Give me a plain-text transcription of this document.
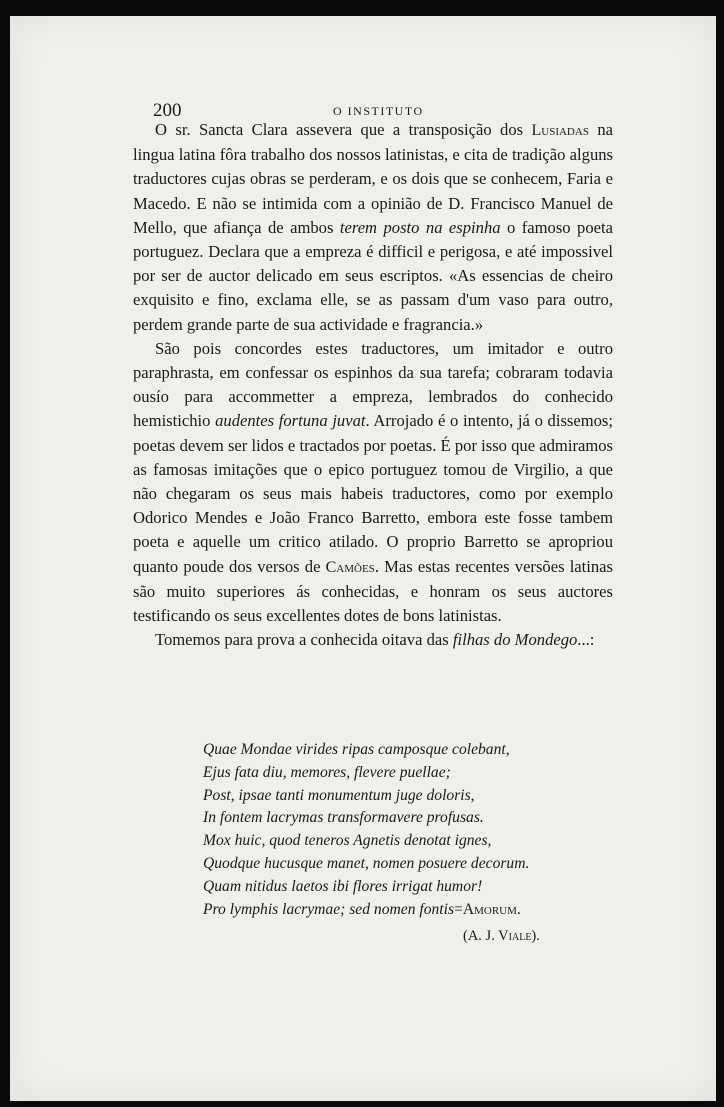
200	O INSTITUTO

O sr. Sancta Clara assevera que a transposição dos Lusiadas na lingua latina fôra trabalho dos nossos latinistas, e cita de tradição alguns traductores cujas obras se perderam, e os dois que se conhecem, Faria e Macedo. E não se intimida com a opinião de D. Francisco Manuel de Mello, que afiança de ambos terem posto na espinha o famoso poeta portuguez. Declara que a empreza é difficil e perigosa, e até impossivel por ser de auctor delicado em seus escriptos. «As essencias de cheiro exquisito e fino, exclama elle, se as passam d'um vaso para outro, perdem grande parte de sua actividade e fragrancia.»

São pois concordes estes traductores, um imitador e outro paraphrasta, em confessar os espinhos da sua tarefa; cobraram todavia ousío para accommetter a empreza, lembrados do conhecido hemistichio audentes fortuna juvat. Arrojado é o intento, já o dissemos; poetas devem ser lidos e tractados por poetas. É por isso que admiramos as famosas imitações que o epico portuguez tomou de Virgilio, a que não chegaram os seus mais habeis traductores, como por exemplo Odorico Mendes e João Franco Barretto, embora este fosse tambem poeta e aquelle um critico atilado. O proprio Barretto se apropriou quanto poude dos versos de Camões. Mas estas recentes versões latinas são muito superiores ás conhecidas, e honram os seus auctores testificando os seus excellentes dotes de bons latinistas.

Tomemos para prova a conhecida oitava das filhas do Mondego...:

Quae Mondae virides ripas camposque colebant,
Ejus fata diu, memores, flevere puellae;
Post, ipsae tanti monumentum juge doloris,
In fontem lacrymas transformavere profusas.
Mox huic, quod teneros Agnetis denotat ignes,
Quodque hucusque manet, nomen posuere decorum.
Quam nitidus laetos ibi flores irrigat humor!
Pro lymphis lacrymae; sed nomen fontis=Amorum.
(A. J. Viale).
